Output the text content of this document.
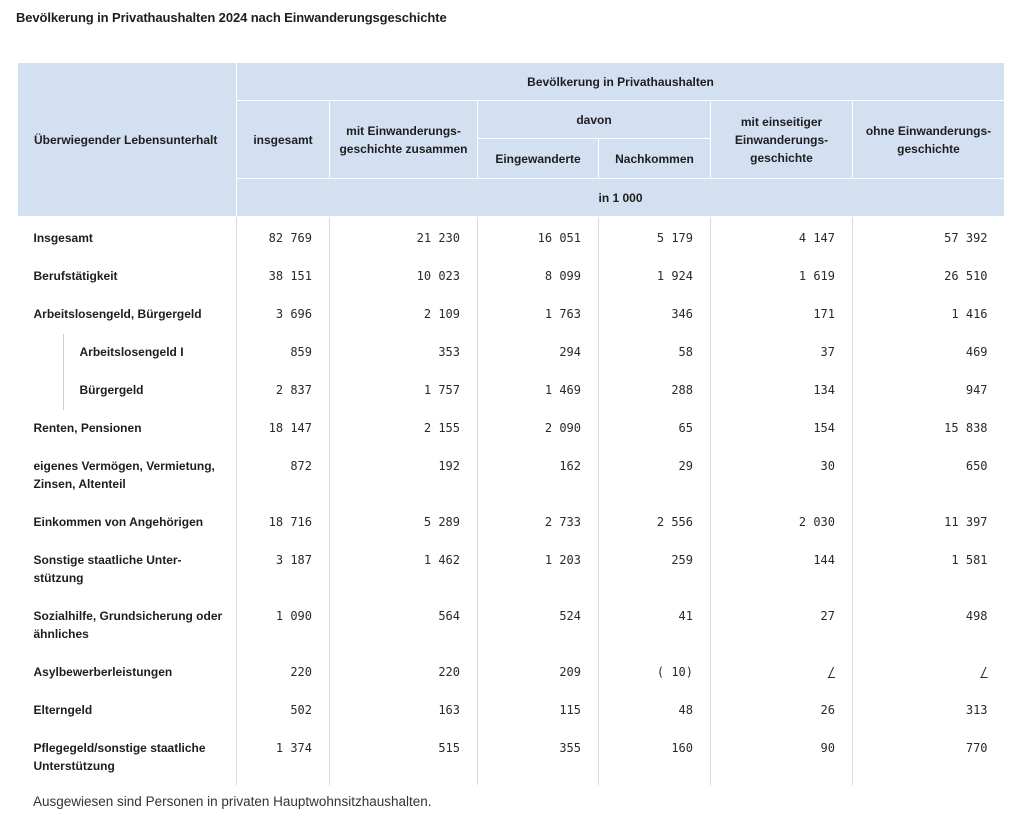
Bevölkerung in Privathaushalten 2024 nach Einwanderungsgeschichte
Überwiegender Lebensunterhalt	Bevölkerung in Privathaushalten					
	insgesamt	mit Einwanderungs-geschichte zusammen	davon		mit einseitiger Einwanderungs-geschichte	ohne Einwanderungs-geschichte
			Eingewanderte	Nachkommen		
	in 1 000					
Insgesamt	82 769	21 230	16 051	5 179	4 147	57 392
Berufstätigkeit	38 151	10 023	8 099	1 924	1 619	26 510
Arbeitslosengeld, Bürgergeld	3 696	2 109	1 763	346	171	1 416

Arbeitslosengeld I	859	353	294	58	37	469

Bürgergeld	2 837	1 757	1 469	288	134	947
Renten, Pensionen	18 147	2 155	2 090	65	154	15 838
eigenes Vermögen, Vermietung, Zinsen, Altenteil	872	192	162	29	30	650
Einkommen von Angehörigen	18 716	5 289	2 733	2 556	2 030	11 397
Sonstige staatliche Unter-stützung	3 187	1 462	1 203	259	144	1 581
Sozialhilfe, Grundsicherung oder ähnliches	1 090	564	524	41	27	498
Asylbewerberleistungen	220	220	209	( 10)	/	/
Elterngeld	502	163	115	48	26	313
Pflegegeld/sonstige staatliche Unterstützung	1 374	515	355	160	90	770
Ausgewiesen sind Personen in privaten Hauptwohnsitzhaushalten.
